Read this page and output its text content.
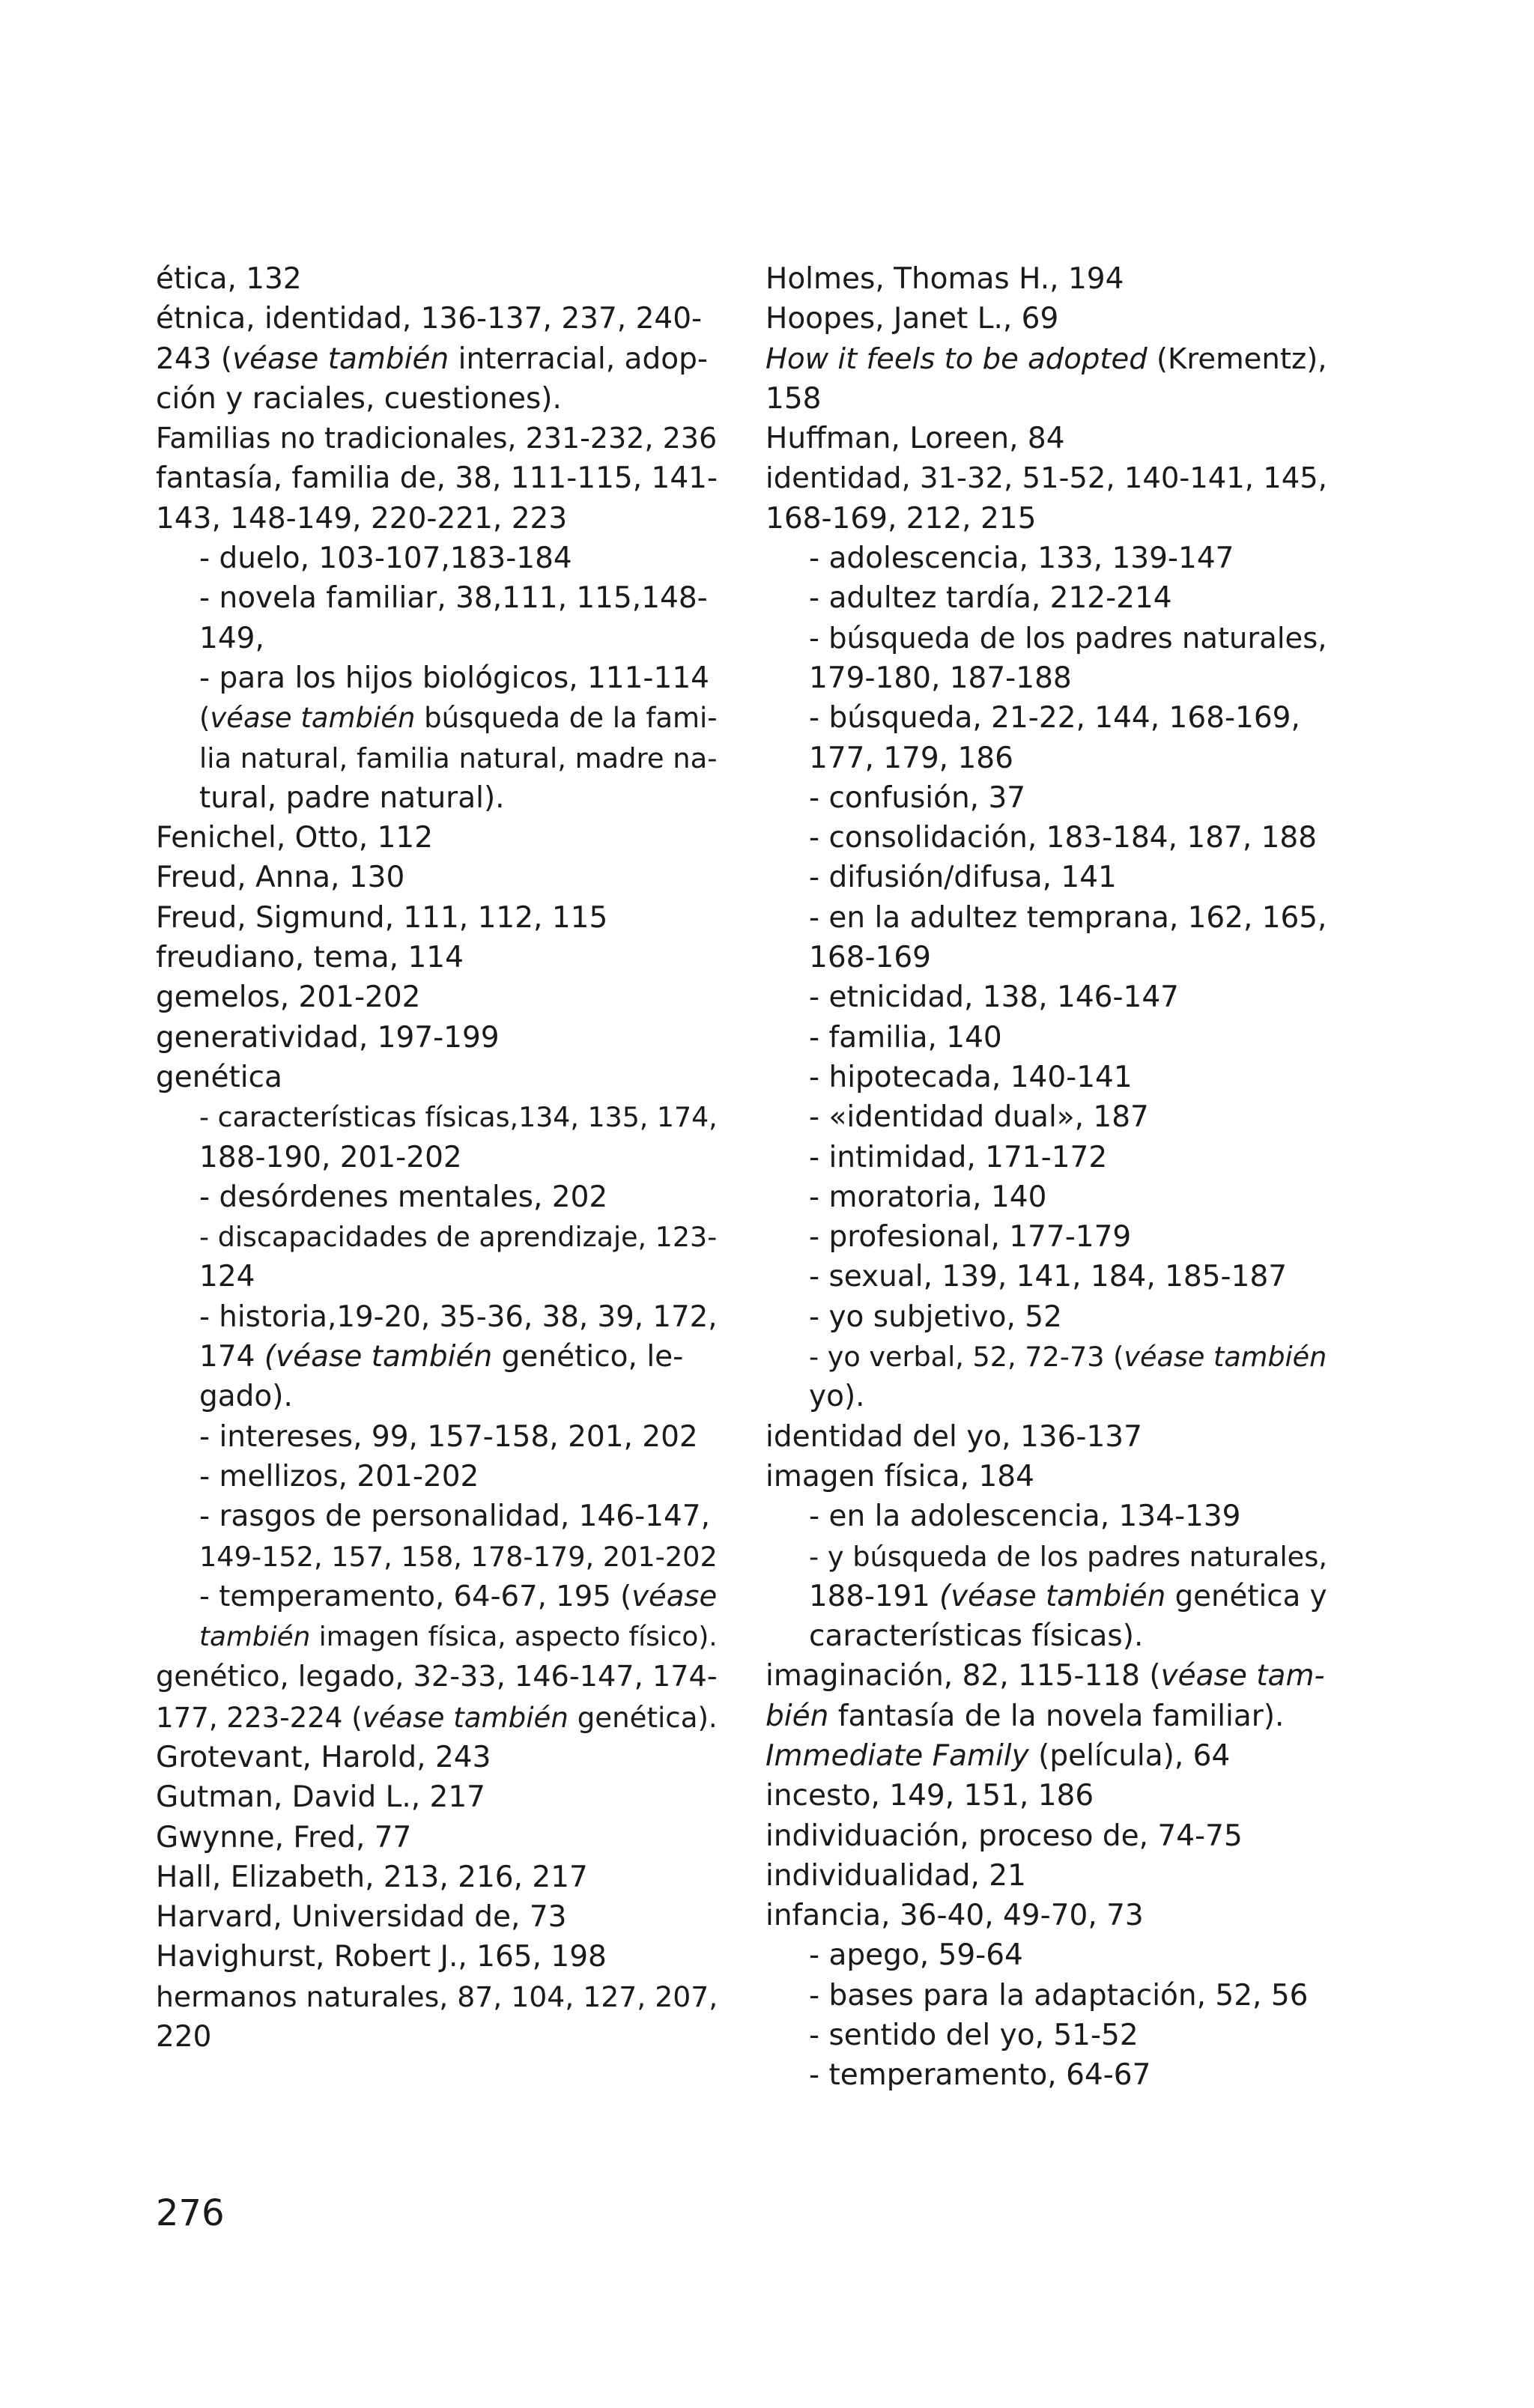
ética, 132
étnica, identidad, 136-137, 237, 240-
243 (véase también interracial, adop-
ción y raciales, cuestiones).
Familias no tradicionales, 231-232, 236
fantasía, familia de, 38, 111-115, 141-
143, 148-149, 220-221, 223
- duelo, 103-107,183-184
- novela familiar, 38,111, 115,148-
149,
- para los hijos biológicos, 111-114
(véase también búsqueda de la fami-
lia natural, familia natural, madre na-
tural, padre natural).
Fenichel, Otto, 112
Freud, Anna, 130
Freud, Sigmund, 111, 112, 115
freudiano, tema, 114
gemelos, 201-202
generatividad, 197-199
genética
- características físicas,134, 135, 174,
188-190, 201-202
- desórdenes mentales, 202
- discapacidades de aprendizaje, 123-
124
- historia,19-20, 35-36, 38, 39, 172,
174 (véase también genético, le-
gado).
- intereses, 99, 157-158, 201, 202
- mellizos, 201-202
- rasgos de personalidad, 146-147,
149-152, 157, 158, 178-179, 201-202
- temperamento, 64-67, 195 (véase
también imagen física, aspecto físico).
genético, legado, 32-33, 146-147, 174-
177, 223-224 (véase también genética).
Grotevant, Harold, 243
Gutman, David L., 217
Gwynne, Fred, 77
Hall, Elizabeth, 213, 216, 217
Harvard, Universidad de, 73
Havighurst, Robert J., 165, 198
hermanos naturales, 87, 104, 127, 207,
220
Holmes, Thomas H., 194
Hoopes, Janet L., 69
How it feels to be adopted (Krementz),
158
Huffman, Loreen, 84
identidad, 31-32, 51-52, 140-141, 145,
168-169, 212, 215
- adolescencia, 133, 139-147
- adultez tardía, 212-214
- búsqueda de los padres naturales,
179-180, 187-188
- búsqueda, 21-22, 144, 168-169,
177, 179, 186
- confusión, 37
- consolidación, 183-184, 187, 188
- difusión/difusa, 141
- en la adultez temprana, 162, 165,
168-169
- etnicidad, 138, 146-147
- familia, 140
- hipotecada, 140-141
- «identidad dual», 187
- intimidad, 171-172
- moratoria, 140
- profesional, 177-179
- sexual, 139, 141, 184, 185-187
- yo subjetivo, 52
- yo verbal, 52, 72-73 (véase también
yo).
identidad del yo, 136-137
imagen física, 184
- en la adolescencia, 134-139
- y búsqueda de los padres naturales,
188-191 (véase también genética y
características físicas).
imaginación, 82, 115-118 (véase tam-
bién fantasía de la novela familiar).
Immediate Family (película), 64
incesto, 149, 151, 186
individuación, proceso de, 74-75
individualidad, 21
infancia, 36-40, 49-70, 73
- apego, 59-64
- bases para la adaptación, 52, 56
- sentido del yo, 51-52
- temperamento, 64-67
276
